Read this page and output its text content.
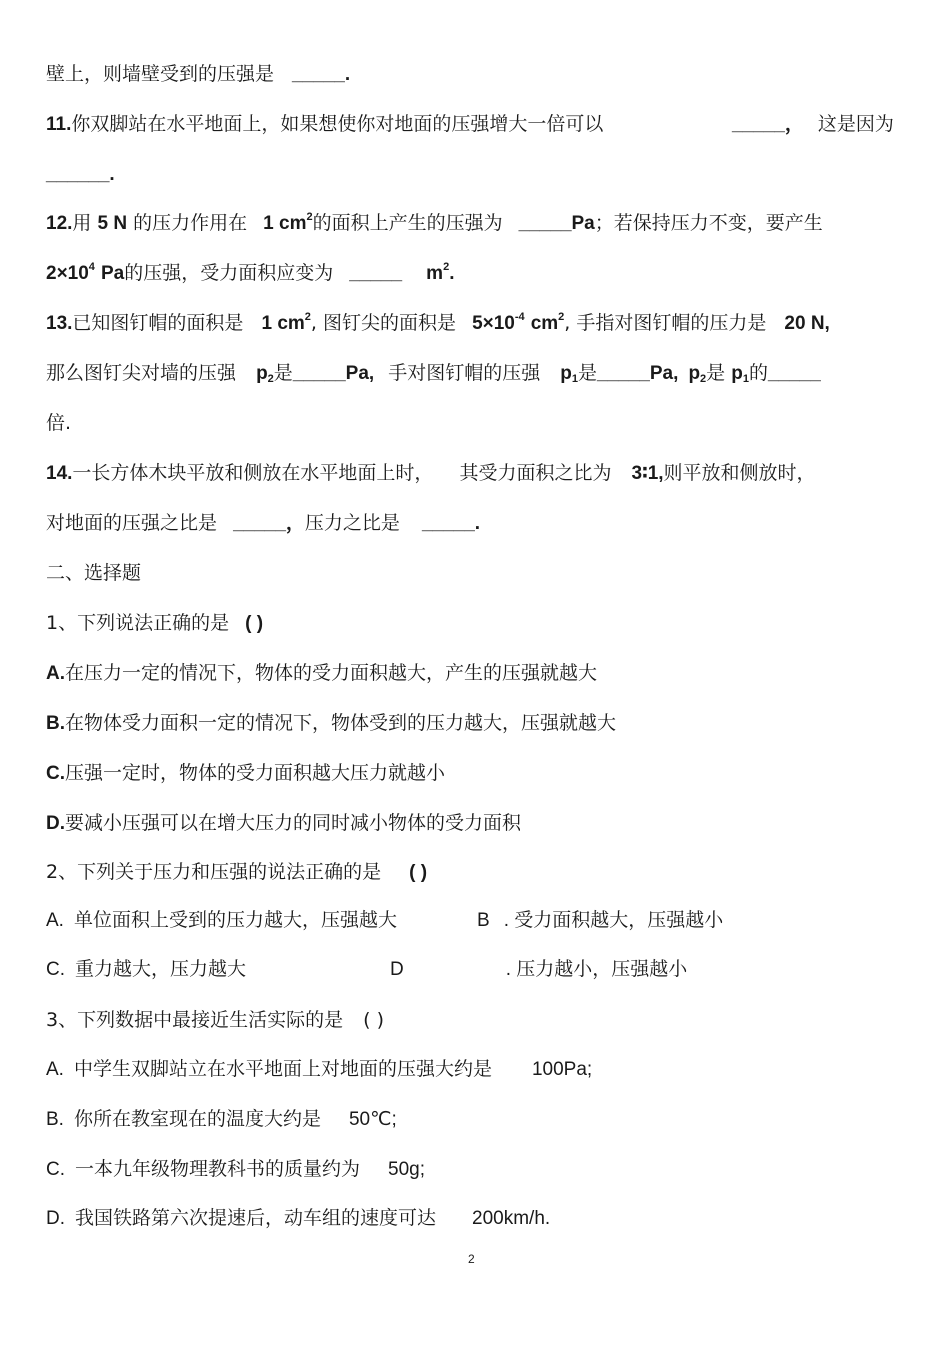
壁上，则墙壁受到的压强是 _____.
11.你双脚站在水平地面上，如果想使你对地面的压强增大一倍可以	_____， 这是因为
______.
12.用 5 N 的压力作用在 1 $cm^2$的面积上产生的压强为 _____Pa；若保持压力不变，要产生
$2\times 10^4$ Pa的压强，受力面积应变为 _____ $m^2$.
13.已知图钉帽的面积是 1 $cm^2$, 图钉尖的面积是 $5\times 10^{-4}$ $cm^2$, 手指对图钉帽的压力是 20 N,
那么图钉尖对墙的压强 $p_2$是_____Pa, 手对图钉帽的压强 $p_1$是_____Pa, $p_2$是 $p_1$的_____
倍.
14.一长方体木块平放和侧放在水平地面上时， 其受力面积之比为 3∶1,则平放和侧放时，
对地面的压强之比是 _____，压力之比是 _____.
二、选择题
1、下列说法正确的是 ( )
A.在压力一定的情况下，物体的受力面积越大，产生的压强就越大
B.在物体受力面积一定的情况下，物体受到的压力越大，压强就越大
C.压强一定时，物体的受力面积越大压力就越小
D.要减小压强可以在增大压力的同时减小物体的受力面积
2、下列关于压力和压强的说法正确的是 ( )
A. 单位面积上受到的压力越大，压强越大	B . 受力面积越大，压强越小
C. 重力越大，压力越大	D	. 压力越小，压强越小
3、下列数据中最接近生活实际的是 ( )
A. 中学生双脚站立在水平地面上对地面的压强大约是 100Pa;
B. 你所在教室现在的温度大约是 50℃;
C. 一本九年级物理教科书的质量约为 50g;
D. 我国铁路第六次提速后，动车组的速度可达 200km/h.
2
